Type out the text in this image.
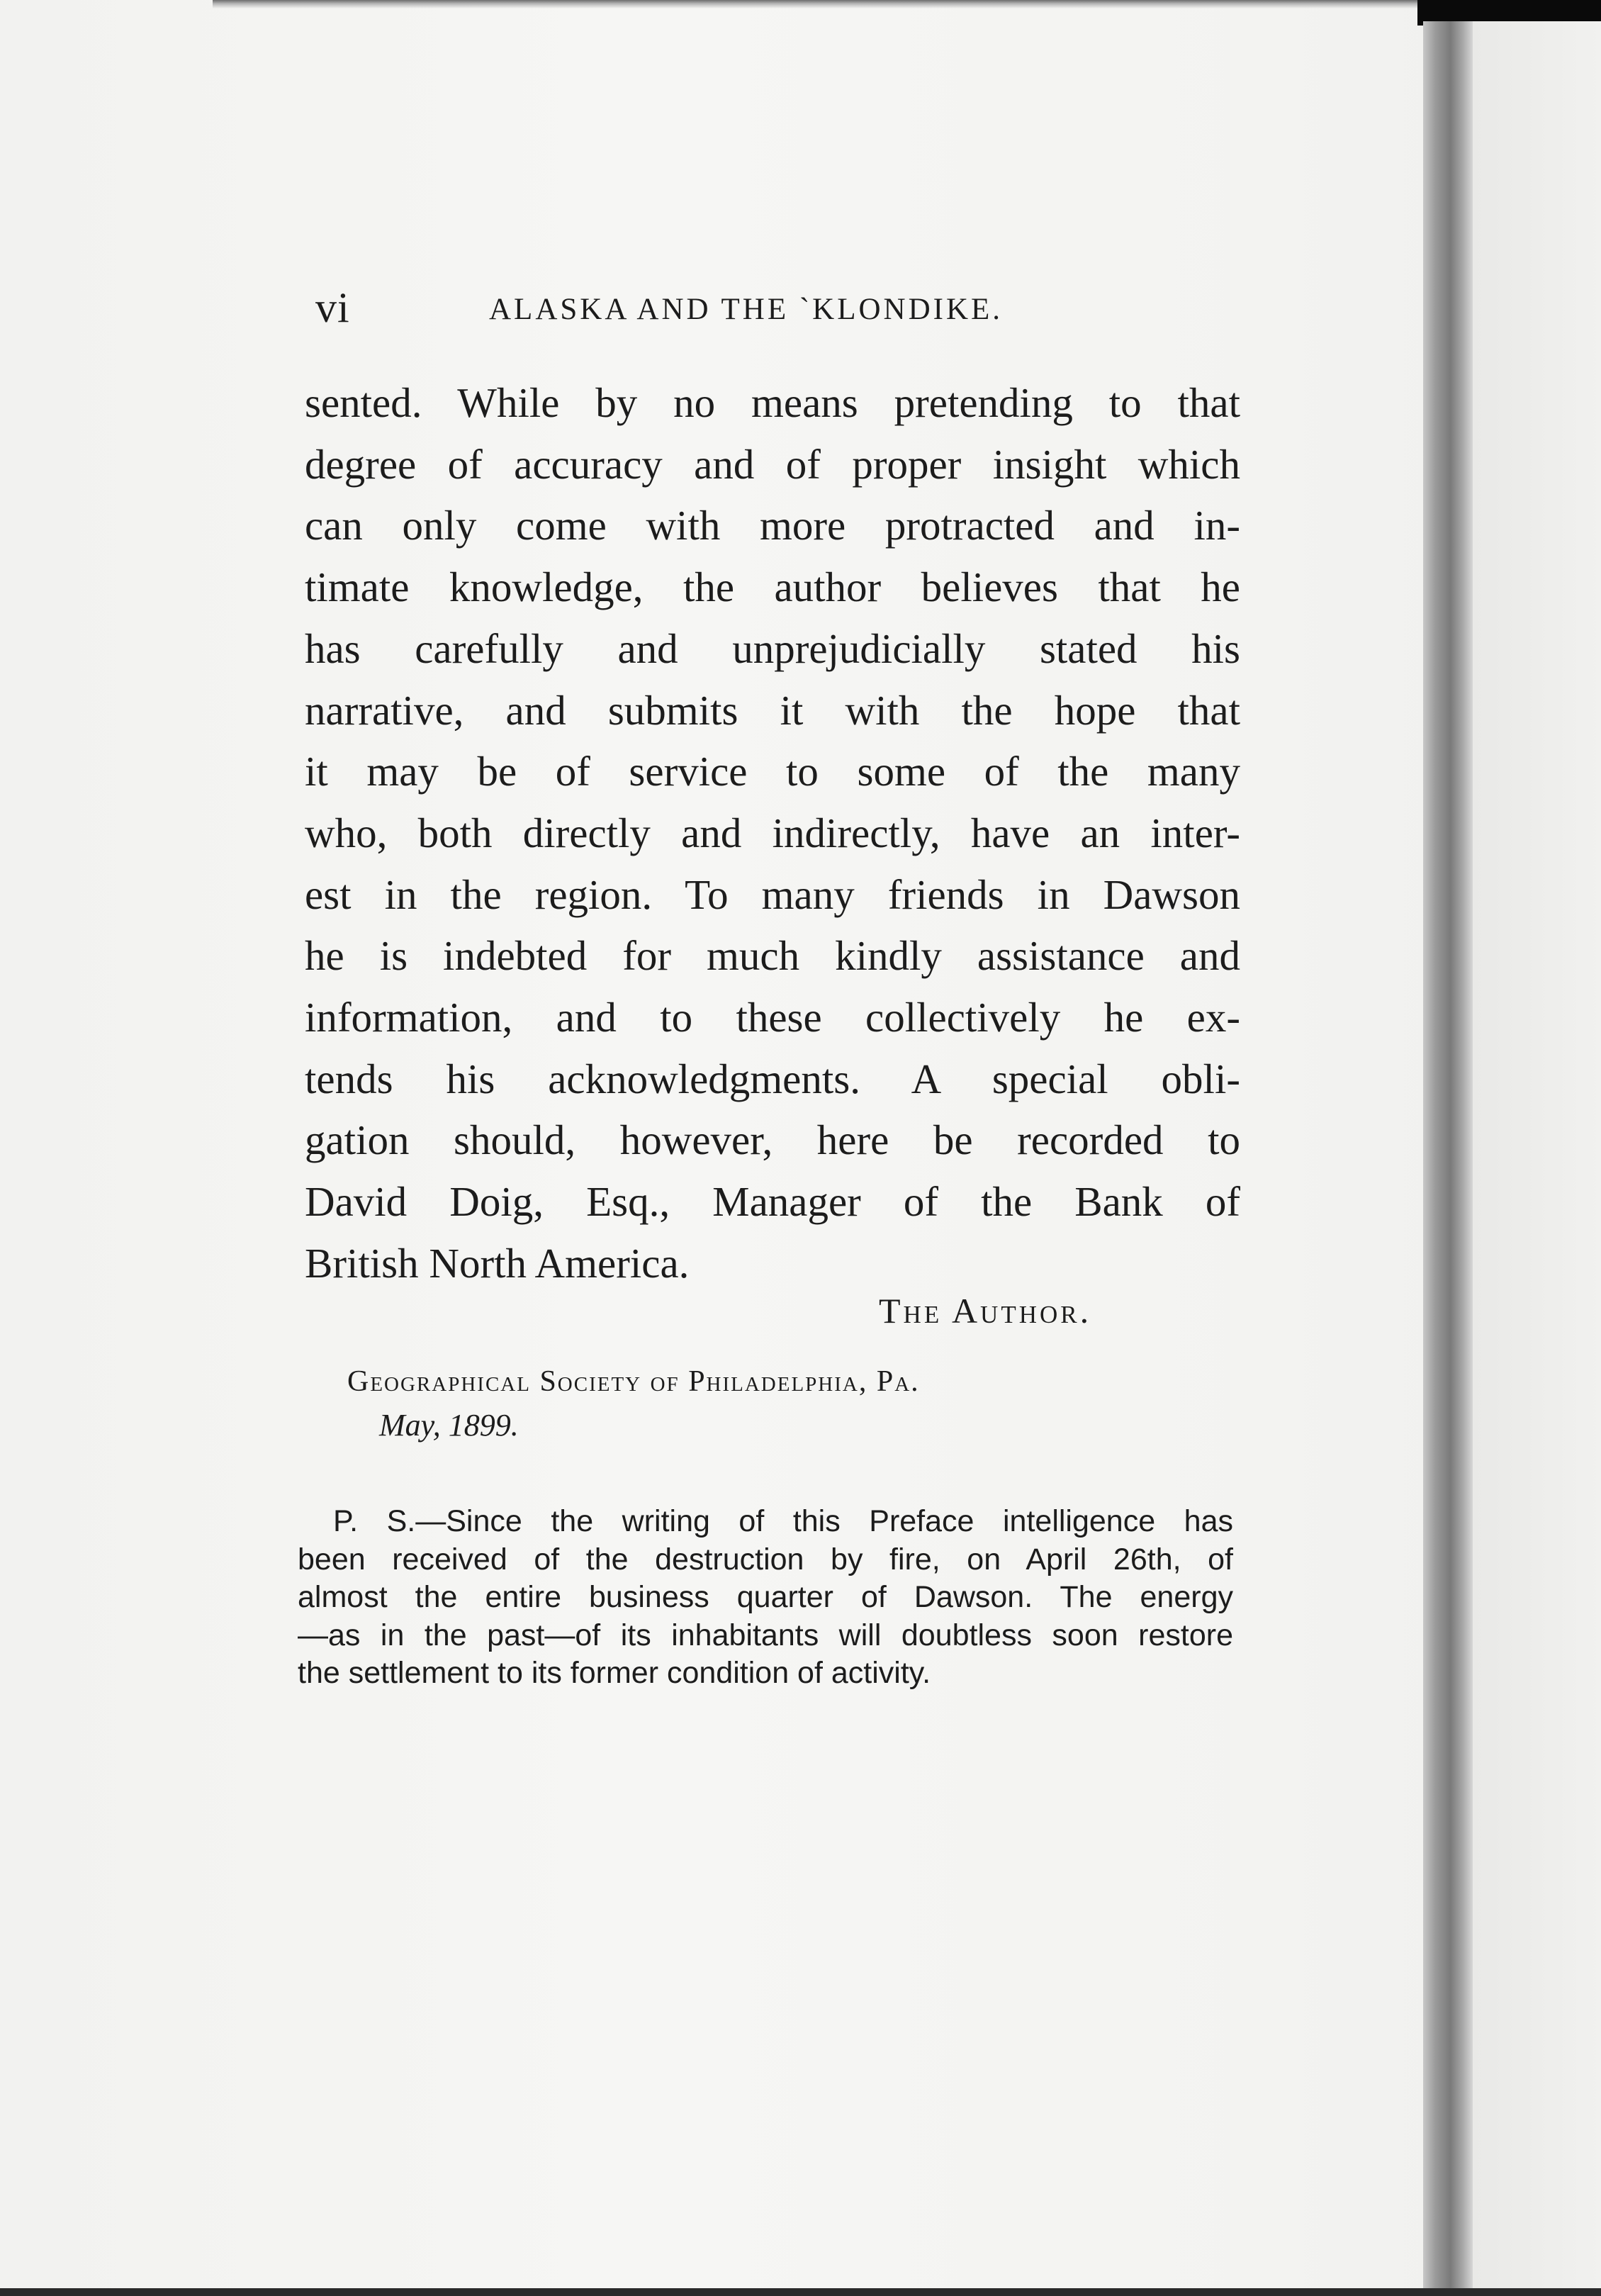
vi	ALASKA AND THE `KLONDIKE.
sented. While by no means pretending to that
degree of accuracy and of proper insight which
can only come with more protracted and in-
timate knowledge, the author believes that he
has carefully and unprejudicially stated his
narrative, and submits it with the hope that
it may be of service to some of the many
who, both directly and indirectly, have an inter-
est in the region. To many friends in Dawson
he is indebted for much kindly assistance and
information, and to these collectively he ex-
tends his acknowledgments. A special obli-
gation should, however, here be recorded to
David Doig, Esq., Manager of the Bank of
British North America.
The Author.
Geographical Society of Philadelphia, Pa.
May, 1899.
P. S.—Since the writing of this Preface intelligence has
been received of the destruction by fire, on April 26th, of
almost the entire business quarter of Dawson. The energy
—as in the past—of its inhabitants will doubtless soon restore
the settlement to its former condition of activity.
